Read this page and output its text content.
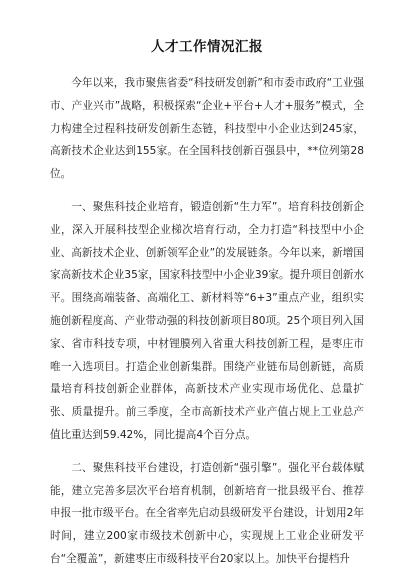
人才工作情况汇报

今年以来，我市聚焦省委“科技研发创新”和市委市政府“工业强市、产业兴市”战略，积极探索“企业+平台+人才+服务”模式，全力构建全过程科技研发创新生态链，科技型中小企业达到245家，高新技术企业达到155家。在全国科技创新百强县中，**位列第28位。

一、聚焦科技企业培育，锻造创新“生力军”。培育科技创新企业，深入开展科技型企业梯次培育行动，全力打造“科技型中小企业、高新技术企业、创新领军企业”的发展链条。今年以来，新增国家高新技术企业35家，国家科技型中小企业39家。提升项目创新水平。围绕高端装备、高端化工、新材料等“6+3”重点产业，组织实施创新程度高、产业带动强的科技创新项目80项。25个项目列入国家、省市科技专项，中材锂膜列入省重大科技创新工程，是枣庄市唯一入选项目。打造企业创新集群。围绕产业链布局创新链，高质量培育科技创新企业群体，高新技术产业实现市场优化、总量扩张、质量提升。前三季度，全市高新技术产业产值占规上工业总产值比重达到59.42%，同比提高4个百分点。

二、聚焦科技平台建设，打造创新“强引擎”。强化平台载体赋能，建立完善多层次平台培育机制，创新培育一批县级平台、推荐申报一批市级平台。在全省率先启动县级研发平台建设，计划用2年时间，建立200家市级技术创新中心，实现规上工业企业研发平台“全覆盖”，新建枣庄市级科技平台20家以上。加快平台提档升
